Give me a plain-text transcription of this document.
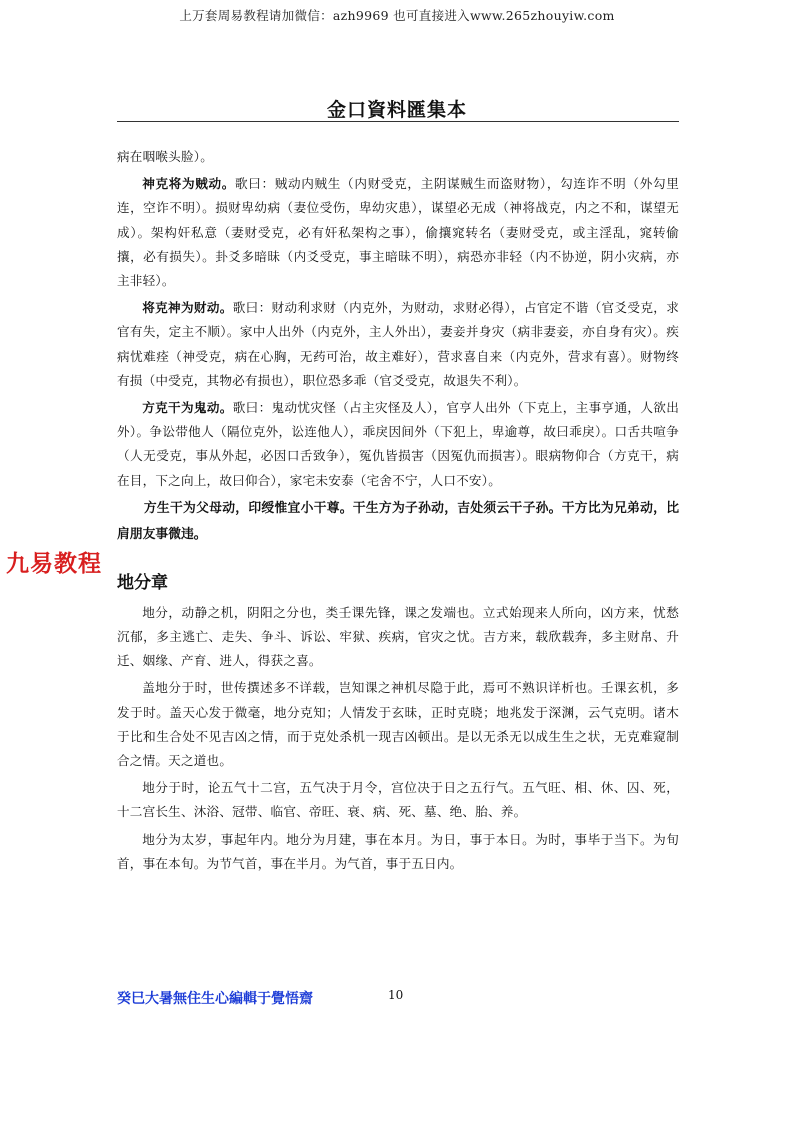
上万套周易教程请加微信：azh9969 也可直接进入www.265zhouyiw.com
金口資料匯集本

病在咽喉头脸）。

神克将为贼动。歌曰：贼动内贼生（内财受克，主阴谋贼生而盗财物），勾连诈不明（外勾里连，空诈不明）。损财卑幼病（妻位受伤，卑幼灾患），谋望必无成（神将战克，内之不和，谋望无成）。架构奸私意（妻财受克，必有奸私架构之事），偷攘窕转名（妻财受克，或主淫乱，窕转偷攘，必有损失）。卦爻多暗昧（内爻受克，事主暗昧不明），病恐亦非轻（内不协逆，阴小灾病，亦主非轻）。

将克神为财动。歌曰：财动利求财（内克外，为财动，求财必得），占官定不谐（官爻受克，求官有失，定主不顺）。家中人出外（内克外，主人外出），妻妾并身灾（病非妻妾，亦自身有灾）。疾病忧难痊（神受克，病在心胸，无药可治，故主难好），营求喜自来（内克外，营求有喜）。财物终有损（中受克，其物必有损也），职位恐多乖（官爻受克，故退失不利）。

方克干为鬼动。歌曰：鬼动忧灾怪（占主灾怪及人），官亨人出外（下克上，主事亨通，人欲出外）。争讼带他人（隔位克外，讼连他人），乖戾因间外（下犯上，卑逾尊，故曰乖戾）。口舌共喧争（人无受克，事从外起，必因口舌致争），冤仇皆损害（因冤仇而损害）。眼病物仰合（方克干，病在目，下之向上，故曰仰合），家宅未安泰（宅舍不宁，人口不安）。

方生干为父母动，印绶惟宜小干尊。干生方为子孙动，吉处须云干子孙。干方比为兄弟动，比肩朋友事微违。

地分章

地分，动静之机，阴阳之分也，类壬课先锋，课之发端也。立式始现来人所向，凶方来，忧愁沉郁，多主逃亡、走失、争斗、诉讼、牢狱、疾病，官灾之忧。吉方来，载欣载奔，多主财帛、升迁、姻缘、产育、进人，得获之喜。

盖地分于时，世传撰述多不详载，岂知课之神机尽隐于此，焉可不熟识详析也。壬课玄机，多发于时。盖天心发于微毫，地分克知；人情发于玄昧，正时克晓；地兆发于深渊，云气克明。诸木于比和生合处不见吉凶之情，而于克处杀机一现吉凶顿出。是以无杀无以成生生之状，无克难窥制合之情。天之道也。

地分于时，论五气十二宫，五气决于月令，宫位决于日之五行气。五气旺、相、休、囚、死，十二宫长生、沐浴、冠带、临官、帝旺、衰、病、死、墓、绝、胎、养。

地分为太岁，事起年内。地分为月建，事在本月。为日，事于本日。为时，事毕于当下。为旬首，事在本旬。为节气首，事在半月。为气首，事于五日内。

九易教程
癸巳大暑無住生心編輯于覺悟齋	10
